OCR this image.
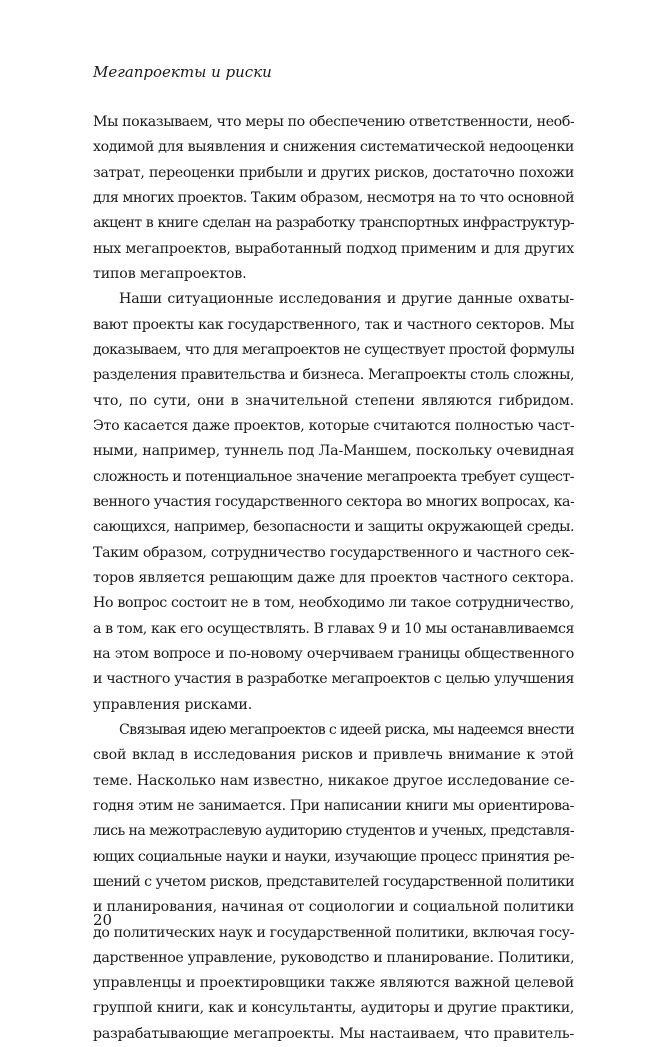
Мегапроекты и риски
Мы показываем, что меры по обеспечению ответственности, необ-
ходимой для выявления и снижения систематической недооценки
затрат, переоценки прибыли и других рисков, достаточно похожи
для многих проектов. Таким образом, несмотря на то что основной
акцент в книге сделан на разработку транспортных инфраструктур-
ных мегапроектов, выработанный подход применим и для других
типов мегапроектов.
Наши ситуационные исследования и другие данные охваты-
вают проекты как государственного, так и частного секторов. Мы
доказываем, что для мегапроектов не существует простой формулы
разделения правительства и бизнеса. Мегапроекты столь сложны,
что, по сути, они в значительной степени являются гибридом.
Это касается даже проектов, которые считаются полностью част-
ными, например, туннель под Ла-Маншем, поскольку очевидная
сложность и потенциальное значение мегапроекта требует сущест-
венного участия государственного сектора во многих вопросах, ка-
сающихся, например, безопасности и защиты окружающей среды.
Таким образом, сотрудничество государственного и частного сек-
торов является решающим даже для проектов частного сектора.
Но вопрос состоит не в том, необходимо ли такое сотрудничество,
а в том, как его осуществлять. В главах 9 и 10 мы останавливаемся
на этом вопросе и по-новому очерчиваем границы общественного
и частного участия в разработке мегапроектов с целью улучшения
управления рисками.
Связывая идею мегапроектов с идеей риска, мы надеемся внести
свой вклад в исследования рисков и привлечь внимание к этой
теме. Насколько нам известно, никакое другое исследование се-
годня этим не занимается. При написании книги мы ориентирова-
лись на межотраслевую аудиторию студентов и ученых, представля-
ющих социальные науки и науки, изучающие процесс принятия ре-
шений с учетом рисков, представителей государственной политики
и планирования, начиная от социологии и социальной политики
до политических наук и государственной политики, включая госу-
дарственное управление, руководство и планирование. Политики,
управленцы и проектировщики также являются важной целевой
группой книги, как и консультанты, аудиторы и другие практики,
разрабатывающие мегапроекты. Мы настаиваем, что правитель-
20
